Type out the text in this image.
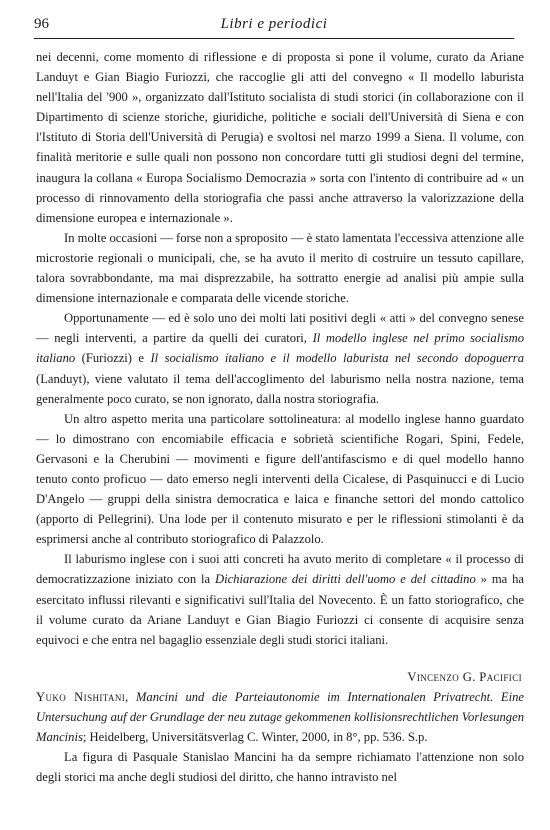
96	Libri e periodici

nei decenni, come momento di riflessione e di proposta si pone il volume, curato da Ariane Landuyt e Gian Biagio Furiozzi, che raccoglie gli atti del convegno « Il modello laburista nell'Italia del '900 », organizzato dall'Istituto socialista di studi storici (in collaborazione con il Dipartimento di scienze storiche, giuridiche, politiche e sociali dell'Università di Siena e con l'Istituto di Storia dell'Università di Perugia) e svoltosi nel marzo 1999 a Siena. Il volume, con finalità meritorie e sulle quali non possono non concordare tutti gli studiosi degni del termine, inaugura la collana « Europa Socialismo Democrazia » sorta con l'intento di contribuire ad « un processo di rinnovamento della storiografia che passi anche attraverso la valorizzazione della dimensione europea e internazionale ».

In molte occasioni — forse non a sproposito — è stato lamentata l'eccessiva attenzione alle microstorie regionali o municipali, che, se ha avuto il merito di costruire un tessuto capillare, talora sovrabbondante, ma mai disprezzabile, ha sottratto energie ad analisi più ampie sulla dimensione internazionale e comparata delle vicende storiche.

Opportunamente — ed è solo uno dei molti lati positivi degli « atti » del convegno senese — negli interventi, a partire da quelli dei curatori, Il modello inglese nel primo socialismo italiano (Furiozzi) e Il socialismo italiano e il modello laburista nel secondo dopoguerra (Landuyt), viene valutato il tema dell'accoglimento del laburismo nella nostra nazione, tema generalmente poco curato, se non ignorato, dalla nostra storiografia.

Un altro aspetto merita una particolare sottolineatura: al modello inglese hanno guardato — lo dimostrano con encomiabile efficacia e sobrietà scientifiche Rogari, Spini, Fedele, Gervasoni e la Cherubini — movimenti e figure dell'antifascismo e di quel modello hanno tenuto conto proficuo — dato emerso negli interventi della Cicalese, di Pasquinucci e di Lucio D'Angelo — gruppi della sinistra democratica e laica e finanche settori del mondo cattolico (apporto di Pellegrini). Una lode per il contenuto misurato e per le riflessioni stimolanti è da esprimersi anche al contributo storiografico di Palazzolo.

Il laburismo inglese con i suoi atti concreti ha avuto merito di completare « il processo di democratizzazione iniziato con la Dichiarazione dei diritti dell'uomo e del cittadino » ma ha esercitato influssi rilevanti e significativi sull'Italia del Novecento. È un fatto storiografico, che il volume curato da Ariane Landuyt e Gian Biagio Furiozzi ci consente di acquisire senza equivoci e che entra nel bagaglio essenziale degli studi storici italiani.

Vincenzo G. Pacifici

Yuko Nishitani, Mancini und die Parteiautonomie im Internationalen Privatrecht. Eine Untersuchung auf der Grundlage der neu zutage gekommenen kollisionsrechtlichen Vorlesungen Mancinis; Heidelberg, Universitätsverlag C. Winter, 2000, in 8°, pp. 536. S.p.

La figura di Pasquale Stanislao Mancini ha da sempre richiamato l'attenzione non solo degli storici ma anche degli studiosi del diritto, che hanno intravisto nel
